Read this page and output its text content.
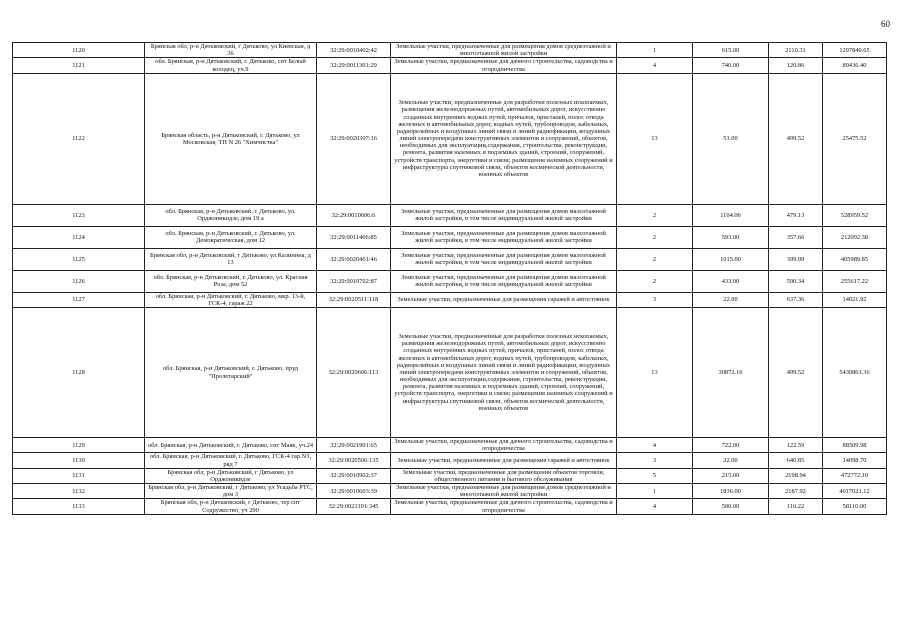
60
1120	Брянская обл, р-н Дятьковский, г Дятьково, ул Киевская, д 36	32:29:0010402:42	Земельные участки, предназначенные для размещения домов среднеэтажной и многоэтажной жилой застройки	1	615.00	2110.31	1297840.65
1121	обл. Брянская, р-н Дятьковский, г. Дятьково, снт Белый колодец, уч.9	32:29:0011301:29	Земельные участки, предназначенные для дачного строительства, садоводства и огородничества	4	740.00	120.86	89436.40
1122	Брянская область, р-н Дятьковский, г. Дятьково, ул Московская, ТП N 26 "Химчистка"	32:29:0020307:16	Земельные участки, предназначенные для разработки полезных ископаемых, размещения железнодорожных путей, автомобильных дорог, искусственно созданных внутренних водных путей, причалов, пристаней, полос отвода железных и автомобильных дорог, водных путей, трубопроводов, кабельных, радиорелейных и воздушных линий связи и линий радиофикации, воздушных линий электропередачи конструктивных элементов и сооружений, объектов, необходимых для эксплуатации,содержания, строительства, реконструкции, ремонта, развития наземных и подземных зданий, строений, сооружений, устройств транспорта, энергетики и связи; размещения наземных сооружений и инфраструктуры спутниковой связи, объектов космической деятельности, военных объектов	13	51.00	499.52	25475.52
1123	обл. Брянская, р-н Дятьковский, г. Дятьково, ул. Орджоникидзе, дом 19 а	32:29:0010606:6	Земельные участки, предназначенные для размещения домов малоэтажной жилой застройки, в том числе индивидуальной жилой застройки	2	1104.00	479.13	528959.52
1124	обл. Брянская, р-н Дятьковский, г. Дятьково, ул. Демократическая, дом 12	32:29:0011406:85	Земельные участки, предназначенные для размещения домов малоэтажной жилой застройки, в том числе индивидуальной жилой застройки	2	593.00	357.66	212092.38
1125	Брянская обл, р-н Дятьковский, г Дятьково, ул Калинина, д 13	32:29:0020401:46	Земельные участки, предназначенные для размещения домов малоэтажной жилой застройки, в том числе индивидуальной жилой застройки	2	1015.00	399.99	405989.85
1126	обл. Брянская, р-н Дятьковский, г. Дятьково, ул. Красная Роза, дом 52	32:29:0010702:87	Земельные участки, предназначенные для размещения домов малоэтажной жилой застройки, в том числе индивидуальной жилой застройки	2	433.00	590.34	255617.22
1127	обл. Брянская, р-н Дятьковский, г. Дятьково, мкр. 13-й, ГСК-4, гараж 22	32:29:0020511:118	Земельные участки, предназначенные для размещения гаражей и автостоянок	3	22.00	637.36	14021.92
1128	обл. Брянская, р-н Дятьковский, г. Дятьково, пруд "Пролетарский"	32:29:0020606:113	Земельные участки, предназначенные для разработки полезных ископаемых, размещения железнодорожных путей, автомобильных дорог, искусственно созданных внутренних водных путей, причалов, пристаней, полос отвода железных и автомобильных дорог, водных путей, трубопроводов, кабельных, радиорелейных и воздушных линий связи и линий радиофикации, воздушных линий электропередачи конструктивных элементов и сооружений, объектов, необходимых для эксплуатации,содержания, строительства, реконструкции, ремонта, развития наземных и подземных зданий, строений, сооружений, устройств транспорта, энергетики и связи; размещения наземных сооружений и инфраструктуры спутниковой связи, объектов космической деятельности, военных объектов	13	30872.16	499.52	5430861.36
1129	обл. Брянская, р-н Дятьковский, г. Дятьково, снт Маяк, уч.24	32:29:0021901:65	Земельные участки, предназначенные для дачного строительства, садоводства и огородничества	4	722.00	122.59	88509.98
1130	обл. Брянская, р-н Дятьковский, г. Дятьково, ГСК-4 гар.N3, ряд 7	32:29:0020506:135	Земельные участки, предназначенные для размещения гаражей и автостоянок	3	22.00	640.85	14098.70
1131	Брянская обл, р-н Дятьковский, г Дятьково, ул Орджоникидзе	32:29:0010902:37	Земельные участки, предназначенные для размещения объектов торговли, общественного питания и бытового обслуживания	5	215.00	2198.94	472772.10
1132	Брянская обл, р-н Дятьковский, г Дятьково, ул Усадьба РТС, дом 3	32:29:0010603:39	Земельные участки, предназначенные для размещения домов среднеэтажной и многоэтажной жилой застройки	1	1836.00	2187.92	4017021.12
1133	Брянская обл, р-н Дятьковский, г Дятьково, тер снт Содружество, уч 290	32:29:0021101:345	Земельные участки, предназначенные для дачного строительства, садоводства и огородничества	4	500.00	116.22	58110.00
